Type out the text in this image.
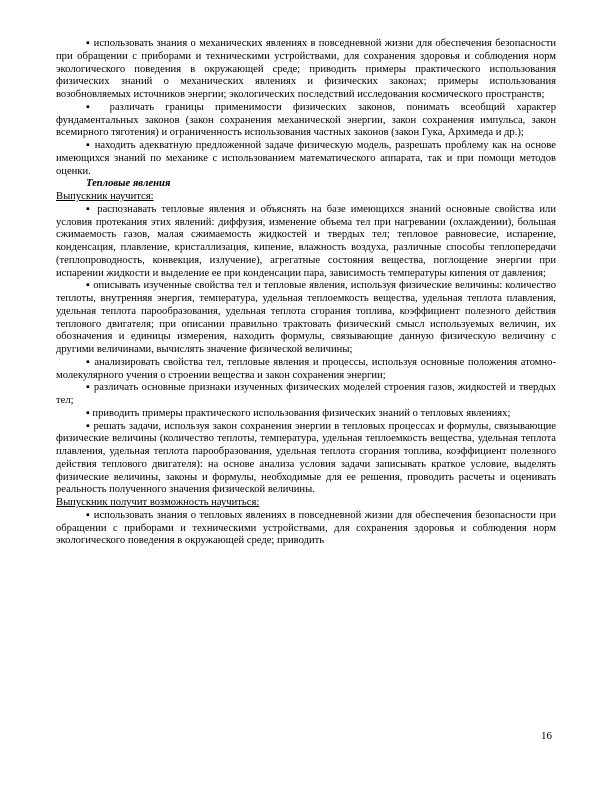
▪ использовать знания о механических явлениях в повседневной жизни для обеспечения безопасности при обращении с приборами и техническими устройствами, для сохранения здоровья и соблюдения норм экологического поведения в окружающей среде; приводить примеры практического использования физических знаний о механических явлениях и физических законах; примеры использования возобновляемых источников энергии; экологических последствий исследования космического пространств;

▪ различать границы применимости физических законов, понимать всеобщий характер фундаментальных законов (закон сохранения механической энергии, закон сохранения импульса, закон всемирного тяготения) и ограниченность использования частных законов (закон Гука, Архимеда и др.);

▪ находить адекватную предложенной задаче физическую модель, разрешать проблему как на основе имеющихся знаний по механике с использованием математического аппарата, так и при помощи методов оценки.

Тепловые явления

Выпускник научится:

▪ распознавать тепловые явления и объяснять на базе имеющихся знаний основные свойства или условия протекания этих явлений: диффузия, изменение объема тел при нагревании (охлаждении), большая сжимаемость газов, малая сжимаемость жидкостей и твердых тел; тепловое равновесие, испарение, конденсация, плавление, кристаллизация, кипение, влажность воздуха, различные способы теплопередачи (теплопроводность, конвекция, излучение), агрегатные состояния вещества, поглощение энергии при испарении жидкости и выделение ее при конденсации пара, зависимость температуры кипения от давления;

▪ описывать изученные свойства тел и тепловые явления, используя физические величины: количество теплоты, внутренняя энергия, температура, удельная теплоемкость вещества, удельная теплота плавления, удельная теплота парообразования, удельная теплота сгорания топлива, коэффициент полезного действия теплового двигателя; при описании правильно трактовать физический смысл используемых величин, их обозначения и единицы измерения, находить формулы, связывающие данную физическую величину с другими величинами, вычислять значение физической величины;

▪ анализировать свойства тел, тепловые явления и процессы, используя основные положения атомно-молекулярного учения о строении вещества и закон сохранения энергии;

▪ различать основные признаки изученных физических моделей строения газов, жидкостей и твердых тел;

▪ приводить примеры практического использования физических знаний о тепловых явлениях;

▪ решать задачи, используя закон сохранения энергии в тепловых процессах и формулы, связывающие физические величины (количество теплоты, температура, удельная теплоемкость вещества, удельная теплота плавления, удельная теплота парообразования, удельная теплота сгорания топлива, коэффициент полезного действия теплового двигателя): на основе анализа условия задачи записывать краткое условие, выделять физические величины, законы и формулы, необходимые для ее решения, проводить расчеты и оценивать реальность полученного значения физической величины.

Выпускник получит возможность научиться:

▪ использовать знания о тепловых явлениях в повседневной жизни для обеспечения безопасности при обращении с приборами и техническими устройствами, для сохранения здоровья и соблюдения норм экологического поведения в окружающей среде; приводить

16
